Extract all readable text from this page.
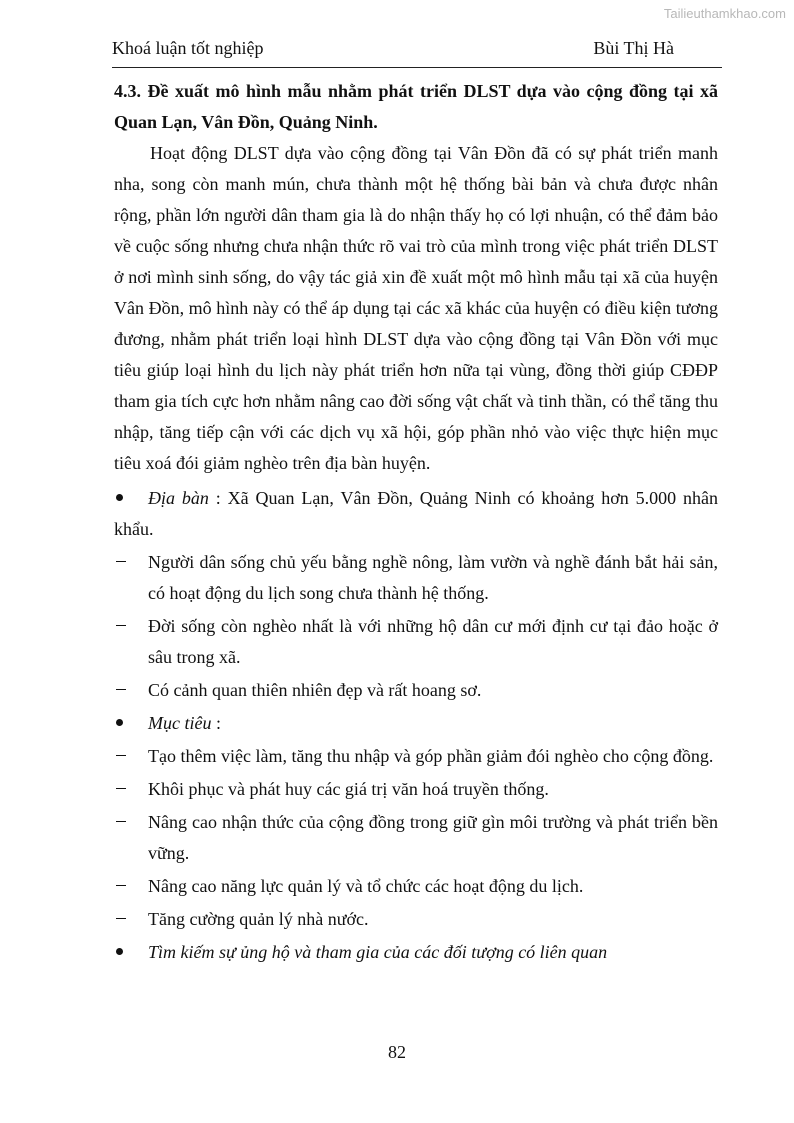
Tailieuthamkhao.com
Khoá luận tốt nghiệp	Bùi Thị Hà

4.3. Đề xuất mô hình mẫu nhằm phát triển DLST dựa vào cộng đồng tại xã Quan Lạn, Vân Đồn, Quảng Ninh.

Hoạt động DLST dựa vào cộng đồng tại Vân Đồn đã có sự phát triển manh nha, song còn manh mún, chưa thành một hệ thống bài bản và chưa được nhân rộng, phần lớn người dân tham gia là do nhận thấy họ có lợi nhuận, có thể đảm bảo về cuộc sống nhưng chưa nhận thức rõ vai trò của mình trong việc phát triển DLST ở nơi mình sinh sống, do vậy tác giả xin đề xuất một mô hình mẫu tại xã của huyện Vân Đồn, mô hình này có thể áp dụng tại các xã khác của huyện có điều kiện tương đương, nhằm phát triển loại hình DLST dựa vào cộng đồng tại Vân Đồn với mục tiêu giúp loại hình du lịch này phát triển hơn nữa tại vùng, đồng thời giúp CĐĐP tham gia tích cực hơn nhằm nâng cao đời sống vật chất và tinh thần, có thể tăng thu nhập, tăng tiếp cận với các dịch vụ xã hội, góp phần nhỏ vào việc thực hiện mục tiêu xoá đói giảm nghèo trên địa bàn huyện.

Địa bàn : Xã Quan Lạn, Vân Đồn, Quảng Ninh có khoảng hơn 5.000 nhân khẩu.
Người dân sống chủ yếu bằng nghề nông, làm vườn và nghề đánh bắt hải sản, có hoạt động du lịch song chưa thành hệ thống.
Đời sống còn nghèo nhất là với những hộ dân cư mới định cư tại đảo hoặc ở sâu trong xã.
Có cảnh quan thiên nhiên đẹp và rất hoang sơ.
Mục tiêu :
Tạo thêm việc làm, tăng thu nhập và góp phần giảm đói nghèo cho cộng đồng.
Khôi phục và phát huy các giá trị văn hoá truyền thống.
Nâng cao nhận thức của cộng đồng trong giữ gìn môi trường và phát triển bền vững.
Nâng cao năng lực quản lý và tổ chức các hoạt động du lịch.
Tăng cường quản lý nhà nước.
Tìm kiếm sự ủng hộ và tham gia của các đối tượng có liên quan
82
